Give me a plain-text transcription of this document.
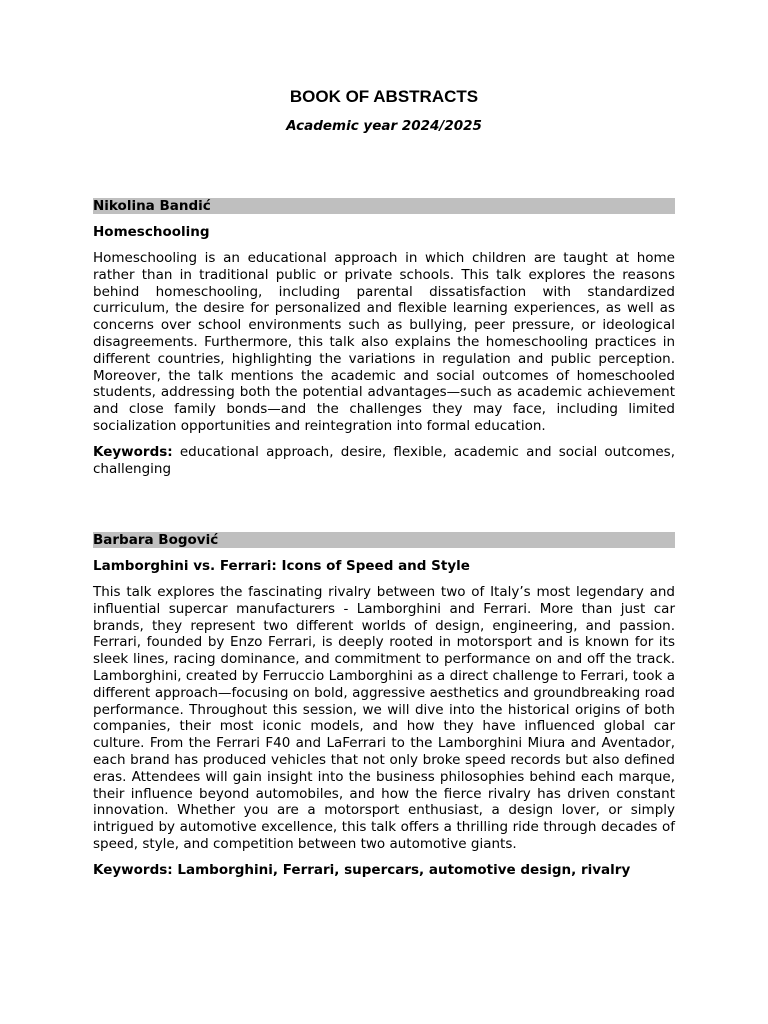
BOOK OF ABSTRACTS
Academic year 2024/2025
Nikolina Bandić
Homeschooling
Homeschooling is an educational approach in which children are taught at home rather than in traditional public or private schools. This talk explores the reasons behind homeschooling, including parental dissatisfaction with standardized curriculum, the desire for personalized and flexible learning experiences, as well as concerns over school environments such as bullying, peer pressure, or ideological disagreements. Furthermore, this talk also explains the homeschooling practices in different countries, highlighting the variations in regulation and public perception. Moreover, the talk mentions the academic and social outcomes of homeschooled students, addressing both the potential advantages—such as academic achievement and close family bonds—and the challenges they may face, including limited socialization opportunities and reintegration into formal education.
Keywords: educational approach, desire, flexible, academic and social outcomes, challenging
Barbara Bogović
Lamborghini vs. Ferrari: Icons of Speed and Style
This talk explores the fascinating rivalry between two of Italy’s most legendary and influential supercar manufacturers - Lamborghini and Ferrari. More than just car brands, they represent two different worlds of design, engineering, and passion. Ferrari, founded by Enzo Ferrari, is deeply rooted in motorsport and is known for its sleek lines, racing dominance, and commitment to performance on and off the track. Lamborghini, created by Ferruccio Lamborghini as a direct challenge to Ferrari, took a different approach—focusing on bold, aggressive aesthetics and groundbreaking road performance. Throughout this session, we will dive into the historical origins of both companies, their most iconic models, and how they have influenced global car culture. From the Ferrari F40 and LaFerrari to the Lamborghini Miura and Aventador, each brand has produced vehicles that not only broke speed records but also defined eras. Attendees will gain insight into the business philosophies behind each marque, their influence beyond automobiles, and how the fierce rivalry has driven constant innovation. Whether you are a motorsport enthusiast, a design lover, or simply intrigued by automotive excellence, this talk offers a thrilling ride through decades of speed, style, and competition between two automotive giants.
Keywords: Lamborghini, Ferrari, supercars, automotive design, rivalry
